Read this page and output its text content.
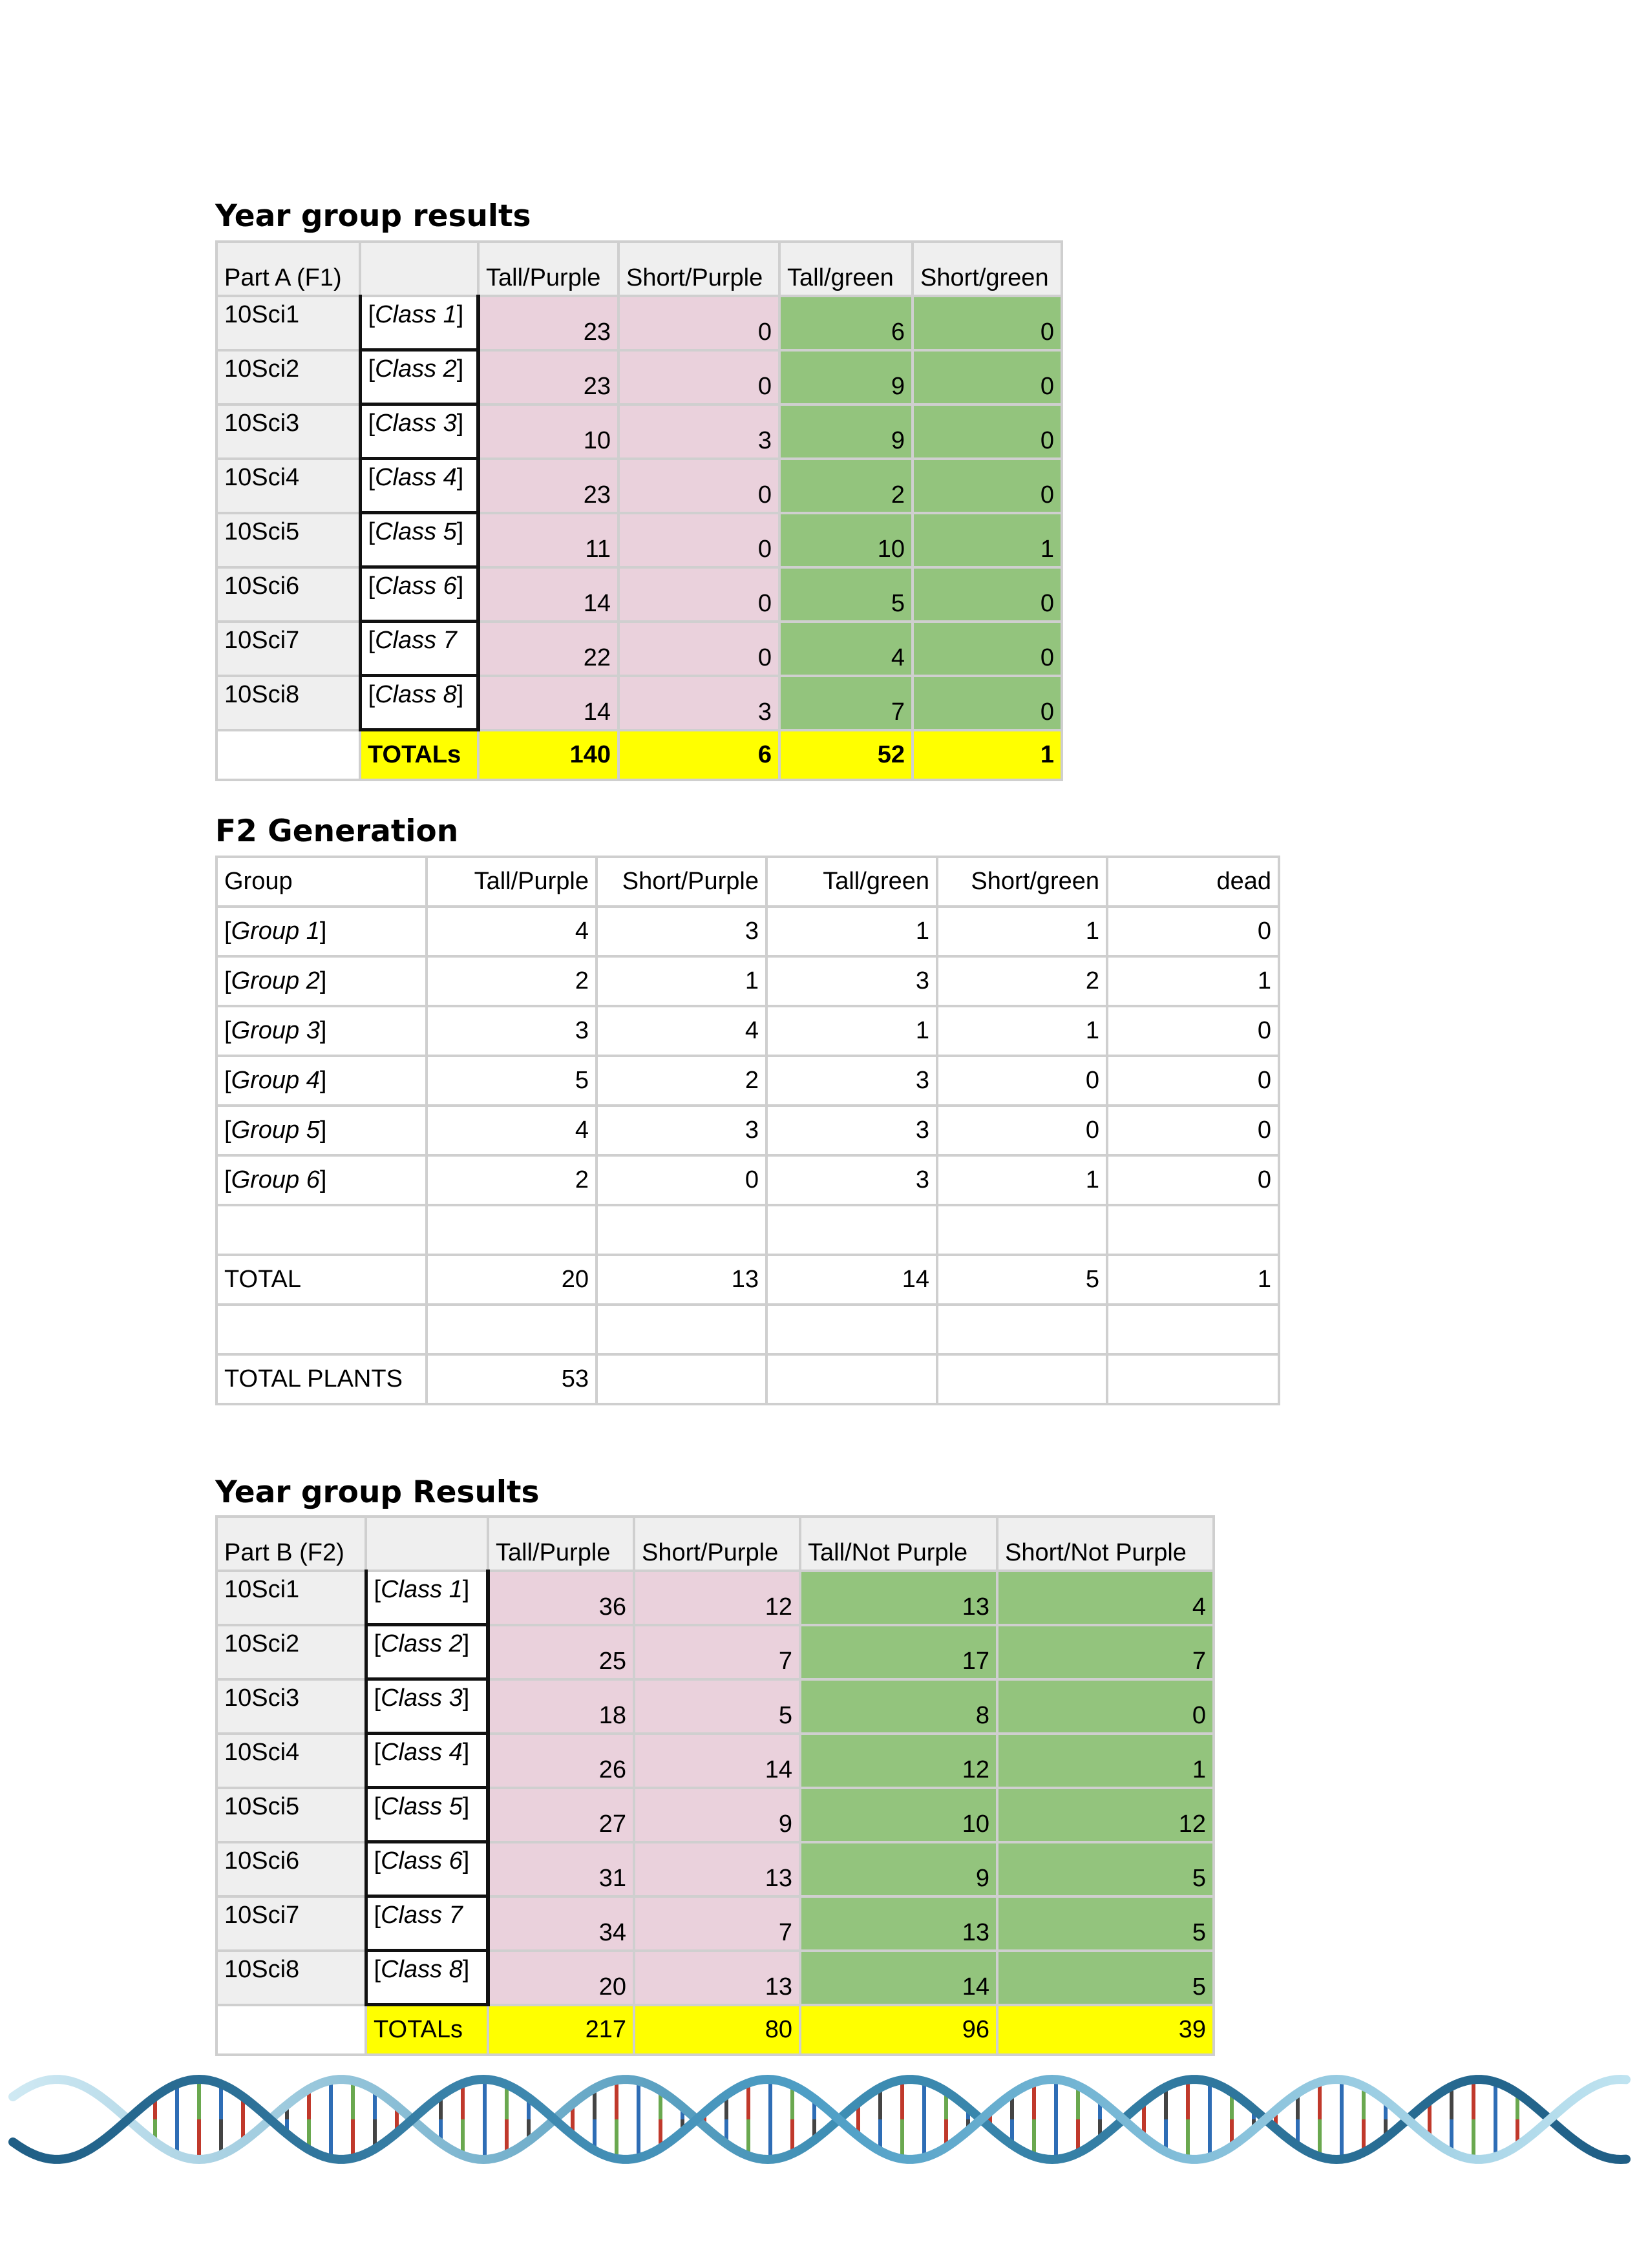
Year group results
Part A (F1)		Tall/Purple	Short/Purple	Tall/green	Short/green
10Sci1	[Class 1]	23	0	6	0
10Sci2	[Class 2]	23	0	9	0
10Sci3	[Class 3]	10	3	9	0
10Sci4	[Class 4]	23	0	2	0
10Sci5	[Class 5]	11	0	10	1
10Sci6	[Class 6]	14	0	5	0
10Sci7	[Class 7	22	0	4	0
10Sci8	[Class 8]	14	3	7	0
	TOTALs	140	6	52	1
F2 Generation
Group	Tall/Purple	Short/Purple	Tall/green	Short/green	dead
[Group 1]	4	3	1	1	0
[Group 2]	2	1	3	2	1
[Group 3]	3	4	1	1	0
[Group 4]	5	2	3	0	0
[Group 5]	4	3	3	0	0
[Group 6]	2	0	3	1	0

TOTAL	20	13	14	5	1

TOTAL PLANTS	53				
Year group Results
Part B (F2)		Tall/Purple	Short/Purple	Tall/Not Purple	Short/Not Purple
10Sci1	[Class 1]	36	12	13	4
10Sci2	[Class 2]	25	7	17	7
10Sci3	[Class 3]	18	5	8	0
10Sci4	[Class 4]	26	14	12	1
10Sci5	[Class 5]	27	9	10	12
10Sci6	[Class 6]	31	13	9	5
10Sci7	[Class 7	34	7	13	5
10Sci8	[Class 8]	20	13	14	5
	TOTALs	217	80	96	39
